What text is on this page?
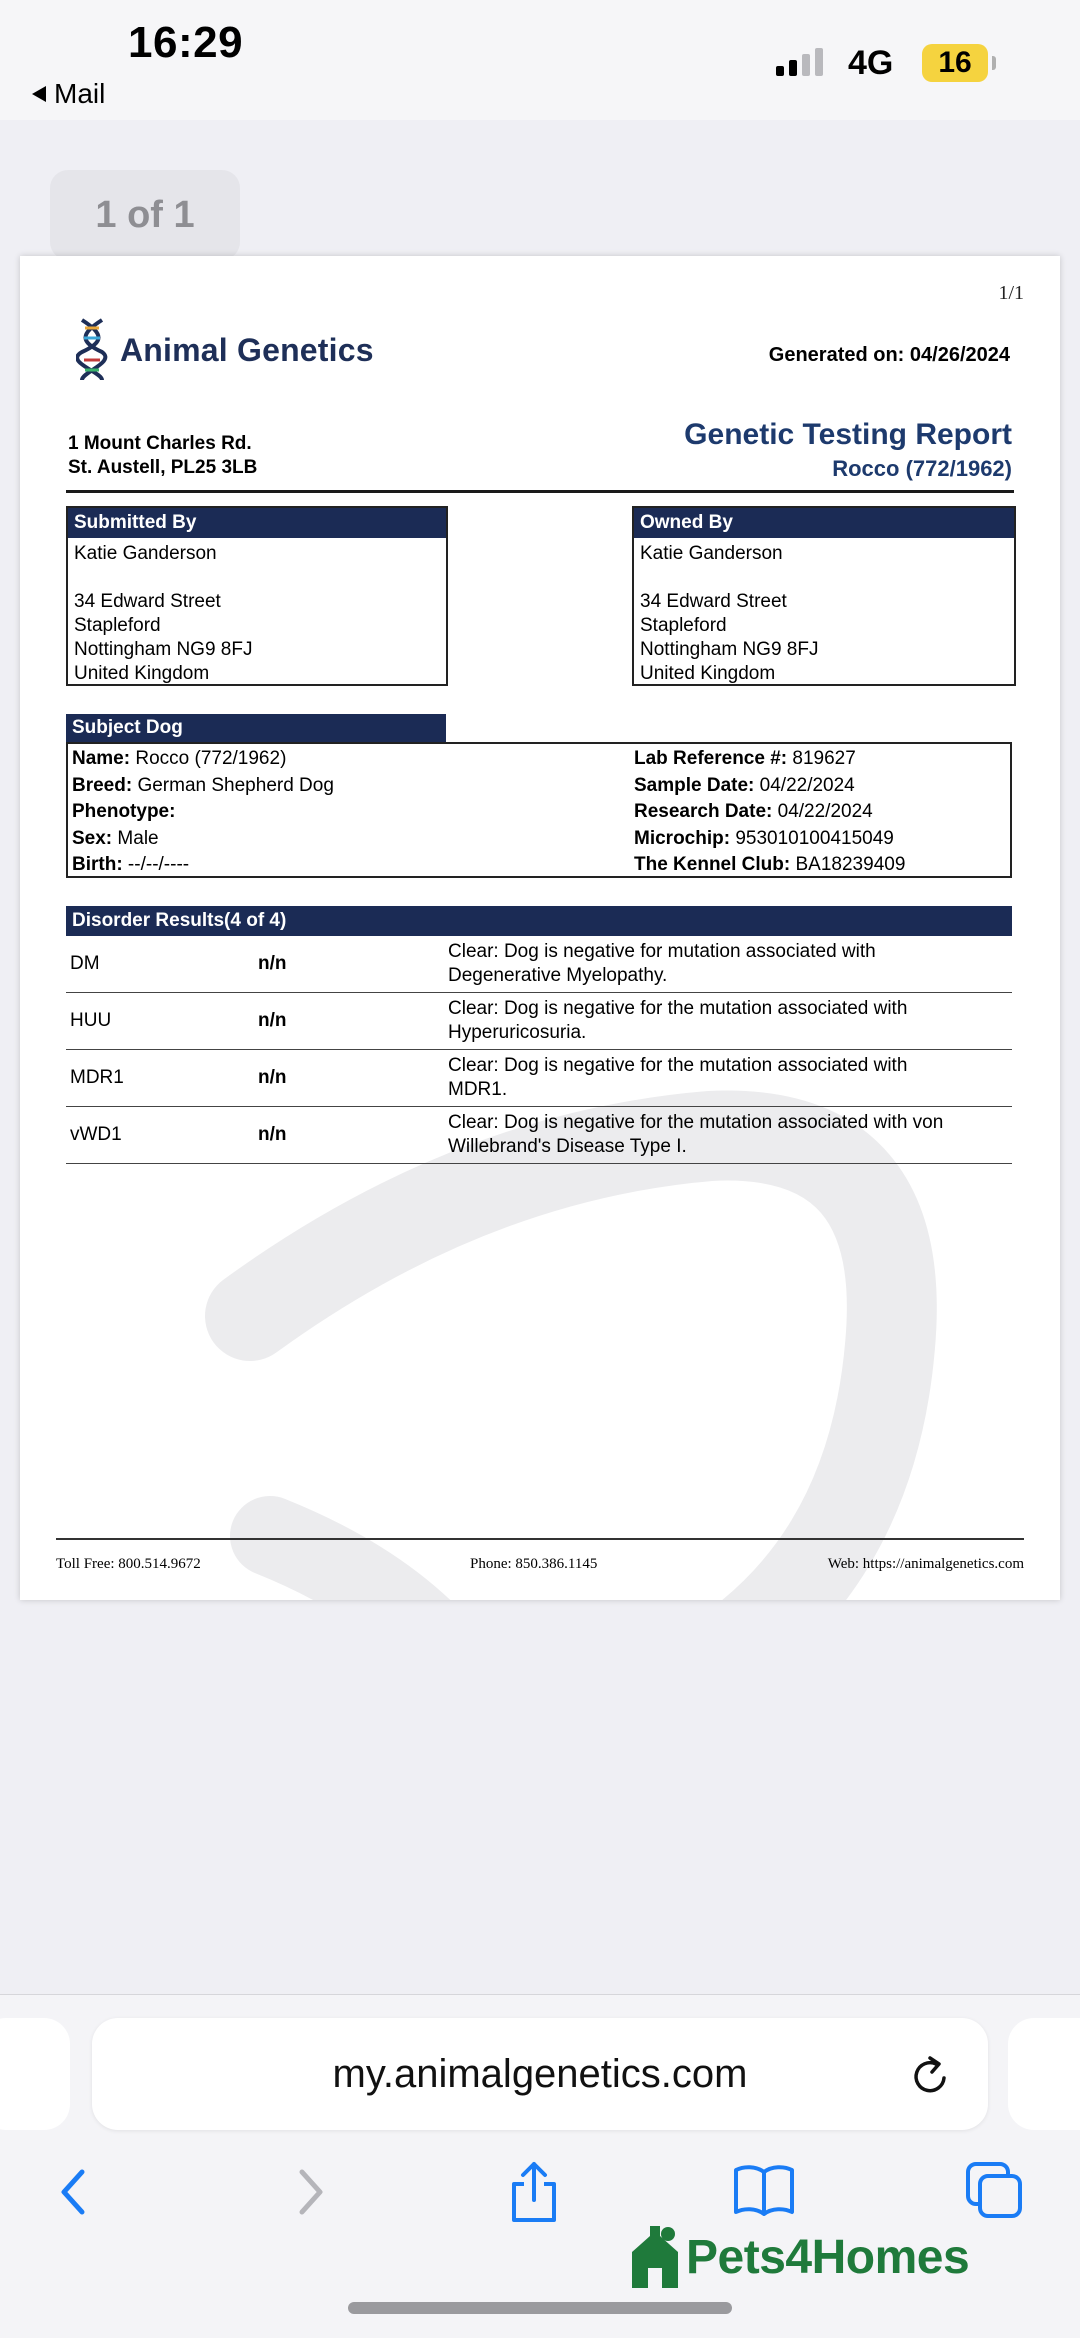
16:29
Mail
4G	16
1 of 1
1/1
Animal Genetics	Generated on: 04/26/2024
1 Mount Charles Rd.
St. Austell, PL25 3LB
Genetic Testing Report
Rocco (772/1962)
Submitted By
Katie Ganderson
34 Edward Street
Stapleford
Nottingham NG9 8FJ
United Kingdom
Owned By
Katie Ganderson
34 Edward Street
Stapleford
Nottingham NG9 8FJ
United Kingdom
Subject Dog
Name: Rocco (772/1962)
Breed: German Shepherd Dog
Phenotype:
Sex: Male
Birth: --/--/----
Lab Reference #: 819627
Sample Date: 04/22/2024
Research Date: 04/22/2024
Microchip: 953010100415049
The Kennel Club: BA18239409
Disorder Results(4 of 4)
DM	n/n
Clear: Dog is negative for mutation associated with
Degenerative Myelopathy.
HUU	n/n
Clear: Dog is negative for the mutation associated with
Hyperuricosuria.
MDR1	n/n
Clear: Dog is negative for the mutation associated with
MDR1.
vWD1	n/n
Clear: Dog is negative for the mutation associated with von
Willebrand's Disease Type I.
Toll Free: 800.514.9672	Phone: 850.386.1145	Web: https://animalgenetics.com
my.animalgenetics.com
Pets4Homes
